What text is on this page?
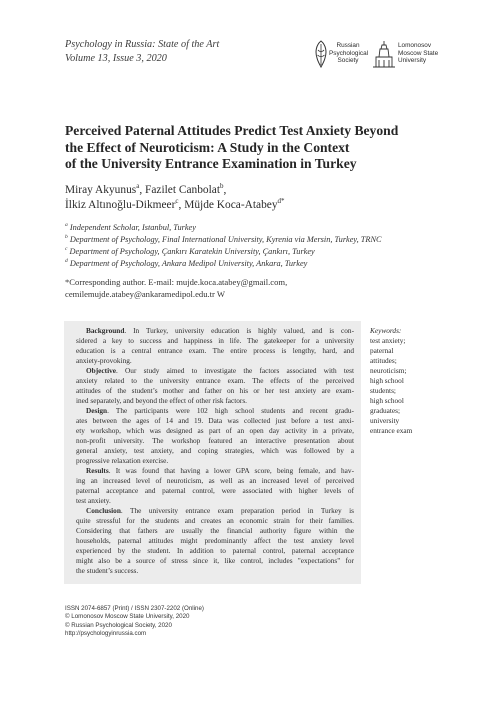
Psychology in Russia: State of the Art
Volume 13, Issue 3, 2020
Russian
Psychological
Society
Lomonosov
Moscow State
University
Perceived Paternal Attitudes Predict Test Anxiety Beyond
the Effect of Neuroticism: A Study in the Context
of the University Entrance Examination in Turkey
Miray Akyunus$^a$, Fazilet Canbolat$^b$,
İlkiz Altınoğlu-Dikmeer$^c$, Müjde Koca-Atabey$^{d*}$
$^a$ Independent Scholar, Istanbul, Turkey
$^b$ Department of Psychology, Final International University, Kyrenia via Mersin, Turkey, TRNC
$^c$ Department of Psychology, Çankırı Karatekin University, Çankırı, Turkey
$^d$ Department of Psychology, Ankara Medipol University, Ankara, Turkey
*Corresponding author. E-mail: mujde.koca.atabey@gmail.com,
cemilemujde.atabey@ankaramedipol.edu.tr W
Background. In Turkey, university education is highly valued, and is con-
sidered a key to success and happiness in life. The gatekeeper for a university
education is a central entrance exam. The entire process is lengthy, hard, and
anxiety-provoking.
Objective. Our study aimed to investigate the factors associated with test
anxiety related to the university entrance exam. The effects of the perceived
attitudes of the student’s mother and father on his or her test anxiety are exam-
ined separately, and beyond the effect of other risk factors.
Design. The participants were 102 high school students and recent gradu-
ates between the ages of 14 and 19. Data was collected just before a test anxi-
ety workshop, which was designed as part of an open day activity in a private,
non-profit university. The workshop featured an interactive presentation about
general anxiety, test anxiety, and coping strategies, which was followed by a
progressive relaxation exercise.
Results. It was found that having a lower GPA score, being female, and hav-
ing an increased level of neuroticism, as well as an increased level of perceived
paternal acceptance and paternal control, were associated with higher levels of
test anxiety.
Conclusion. The university entrance exam preparation period in Turkey is
quite stressful for the students and creates an economic strain for their families.
Considering that fathers are usually the financial authority figure within the
households, paternal attitudes might predominantly affect the test anxiety level
experienced by the student. In addition to paternal control, paternal acceptance
might also be a source of stress since it, like control, includes "expectations" for
the student’s success.
Keywords:
test anxiety;
paternal
attitudes;
neuroticism;
high school
students;
high school
graduates;
university
entrance exam
ISSN 2074-6857 (Print) / ISSN 2307-2202 (Online)
© Lomonosov Moscow State University, 2020
© Russian Psychological Society, 2020
http://psychologyinrussia.com
